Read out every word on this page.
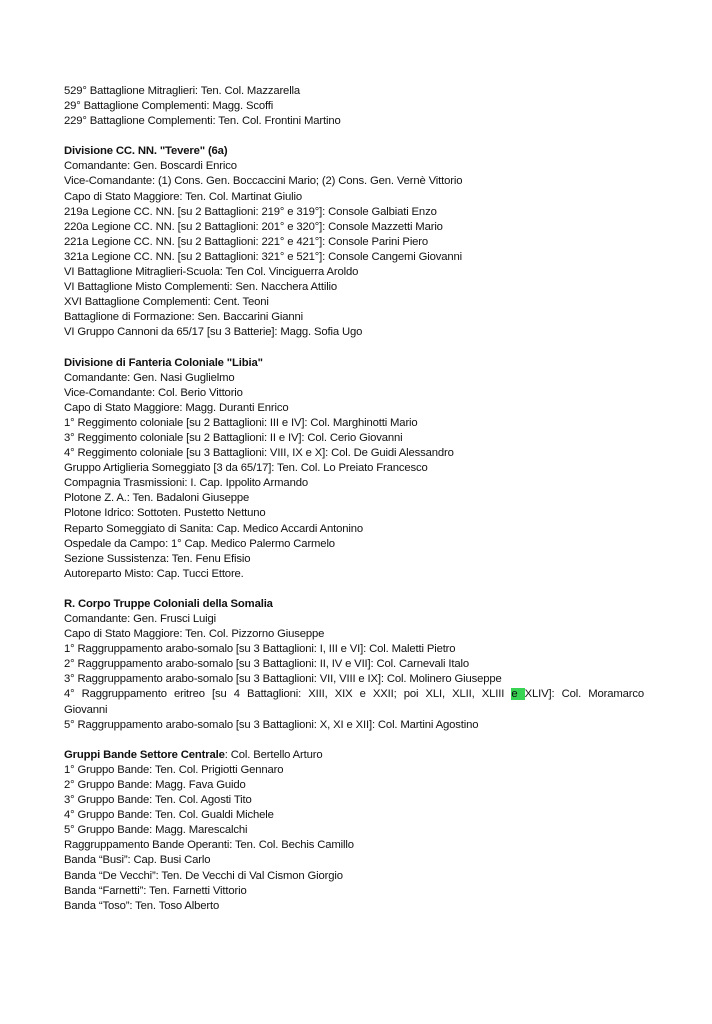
529° Battaglione Mitraglieri: Ten. Col. Mazzarella
29° Battaglione Complementi: Magg. Scoffi
229° Battaglione Complementi: Ten. Col. Frontini Martino
Divisione CC. NN. "Tevere" (6a)
Comandante: Gen. Boscardi Enrico
Vice-Comandante: (1) Cons. Gen. Boccaccini Mario; (2) Cons. Gen. Vernè Vittorio
Capo di Stato Maggiore: Ten. Col. Martinat Giulio
219a Legione CC. NN. [su 2 Battaglioni: 219° e 319°]: Console Galbiati Enzo
220a Legione CC. NN. [su 2 Battaglioni: 201° e 320°]: Console Mazzetti Mario
221a Legione CC. NN. [su 2 Battaglioni: 221° e 421°]: Console Parini Piero
321a Legione CC. NN. [su 2 Battaglioni: 321° e 521°]: Console Cangemi Giovanni
VI Battaglione Mitraglieri-Scuola: Ten Col. Vinciguerra Aroldo
VI Battaglione Misto Complementi: Sen. Nacchera Attilio
XVI Battaglione Complementi: Cent. Teoni
Battaglione di Formazione: Sen. Baccarini Gianni
VI Gruppo Cannoni da 65/17 [su 3 Batterie]: Magg. Sofia Ugo
Divisione di Fanteria Coloniale "Libia"
Comandante: Gen. Nasi Guglielmo
Vice-Comandante: Col. Berio Vittorio
Capo di Stato Maggiore: Magg. Duranti Enrico
1° Reggimento coloniale [su 2 Battaglioni: III e IV]: Col. Marghinotti Mario
3° Reggimento coloniale [su 2 Battaglioni: II e IV]: Col. Cerio Giovanni
4° Reggimento coloniale [su 3 Battaglioni: VIII, IX e X]: Col. De Guidi Alessandro
Gruppo Artiglieria Someggiato [3 da 65/17]: Ten. Col. Lo Preiato Francesco
Compagnia Trasmissioni: I. Cap. Ippolito Armando
Plotone Z. A.: Ten. Badaloni Giuseppe
Plotone Idrico: Sottoten. Pustetto Nettuno
Reparto Someggiato di Sanita: Cap. Medico Accardi Antonino
Ospedale da Campo: 1° Cap. Medico Palermo Carmelo
Sezione Sussistenza: Ten. Fenu Efisio
Autoreparto Misto: Cap. Tucci Ettore.
R. Corpo Truppe Coloniali della Somalia
Comandante: Gen. Frusci Luigi
Capo di Stato Maggiore: Ten. Col. Pizzorno Giuseppe
1° Raggruppamento arabo-somalo [su 3 Battaglioni: I, III e VI]: Col. Maletti Pietro
2° Raggruppamento arabo-somalo [su 3 Battaglioni: II, IV e VII]: Col. Carnevali Italo
3° Raggruppamento arabo-somalo [su 3 Battaglioni: VII, VIII e IX]: Col. Molinero Giuseppe
4° Raggruppamento eritreo [su 4 Battaglioni: XIII, XIX e XXII; poi XLI, XLII, XLIII e XLIV]: Col. Moramarco
Giovanni
5° Raggruppamento arabo-somalo [su 3 Battaglioni: X, XI e XII]: Col. Martini Agostino
Gruppi Bande Settore Centrale: Col. Bertello Arturo
1° Gruppo Bande: Ten. Col. Prigiotti Gennaro
2° Gruppo Bande: Magg. Fava Guido
3° Gruppo Bande: Ten. Col. Agosti Tito
4° Gruppo Bande: Ten. Col. Gualdi Michele
5° Gruppo Bande: Magg. Marescalchi
Raggruppamento Bande Operanti: Ten. Col. Bechis Camillo
Banda “Busi”: Cap. Busi Carlo
Banda “De Vecchi”: Ten. De Vecchi di Val Cismon Giorgio
Banda “Farnetti”: Ten. Farnetti Vittorio
Banda “Toso”: Ten. Toso Alberto
